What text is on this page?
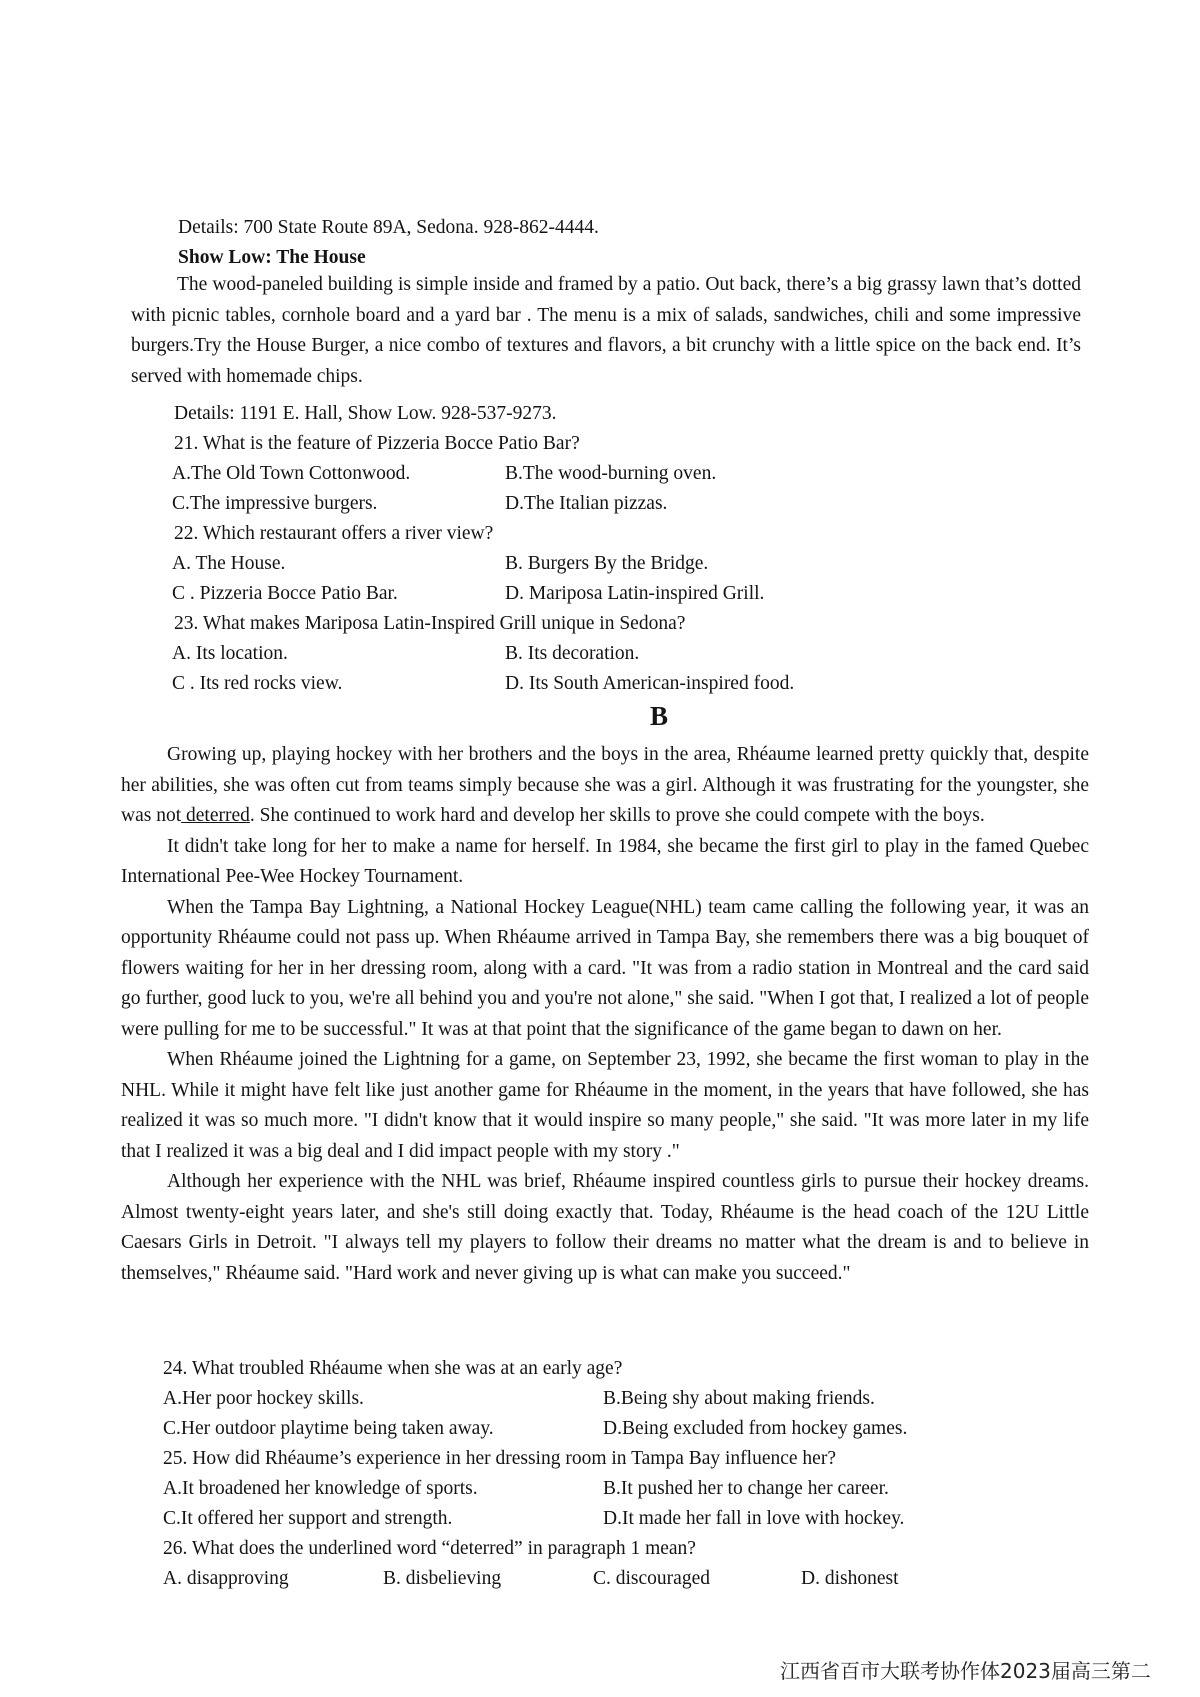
Details: 700 State Route 89A, Sedona. 928-862-4444.
Show Low: The House

The wood-paneled building is simple inside and framed by a patio. Out back, there’s a big grassy lawn that’s dotted with picnic tables, cornhole board and a yard bar . The menu is a mix of salads, sandwiches, chili and some impressive burgers.Try the House Burger, a nice combo of textures and flavors, a bit crunchy with a little spice on the back end. It’s served with homemade chips.

Details: 1191 E. Hall, Show Low. 928-537-9273.
21. What is the feature of Pizzeria Bocce Patio Bar?
A.The Old Town Cottonwood.	B.The wood-burning oven.
C.The impressive burgers.	D.The Italian pizzas.
22. Which restaurant offers a river view?
A. The House.	B. Burgers By the Bridge.
C . Pizzeria Bocce Patio Bar.	D. Mariposa Latin-inspired Grill.
23. What makes Mariposa Latin-Inspired Grill unique in Sedona?
A. Its location.	B. Its decoration.
C . Its red rocks view.	D. Its South American-inspired food.
B

Growing up, playing hockey with her brothers and the boys in the area, Rhéaume learned pretty quickly that, despite her abilities, she was often cut from teams simply because she was a girl. Although it was frustrating for the youngster, she was not deterred. She continued to work hard and develop her skills to prove she could compete with the boys.

It didn't take long for her to make a name for herself. In 1984, she became the first girl to play in the famed Quebec International Pee-Wee Hockey Tournament.

When the Tampa Bay Lightning, a National Hockey League(NHL) team came calling the following year, it was an opportunity Rhéaume could not pass up. When Rhéaume arrived in Tampa Bay, she remembers there was a big bouquet of flowers waiting for her in her dressing room, along with a card. "It was from a radio station in Montreal and the card said go further, good luck to you, we're all behind you and you're not alone," she said. "When I got that, I realized a lot of people were pulling for me to be successful." It was at that point that the significance of the game began to dawn on her.

When Rhéaume joined the Lightning for a game, on September 23, 1992, she became the first woman to play in the NHL. While it might have felt like just another game for Rhéaume in the moment, in the years that have followed, she has realized it was so much more. "I didn't know that it would inspire so many people," she said. "It was more later in my life that I realized it was a big deal and I did impact people with my story ."

Although her experience with the NHL was brief, Rhéaume inspired countless girls to pursue their hockey dreams. Almost twenty-eight years later, and she's still doing exactly that. Today, Rhéaume is the head coach of the 12U Little Caesars Girls in Detroit. "I always tell my players to follow their dreams no matter what the dream is and to believe in themselves," Rhéaume said. "Hard work and never giving up is what can make you succeed."

24. What troubled Rhéaume when she was at an early age?
A.Her poor hockey skills.	B.Being shy about making friends.
C.Her outdoor playtime being taken away.	D.Being excluded from hockey games.
25. How did Rhéaume’s experience in her dressing room in Tampa Bay influence her?
A.It broadened her knowledge of sports.	B.It pushed her to change her career.
C.It offered her support and strength.	D.It made her fall in love with hockey.
26. What does the underlined word “deterred” in paragraph 1 mean?
A. disapproving	B. disbelieving	C. discouraged	D. dishonest
江西省百市大联考协作体2023届高三第二
